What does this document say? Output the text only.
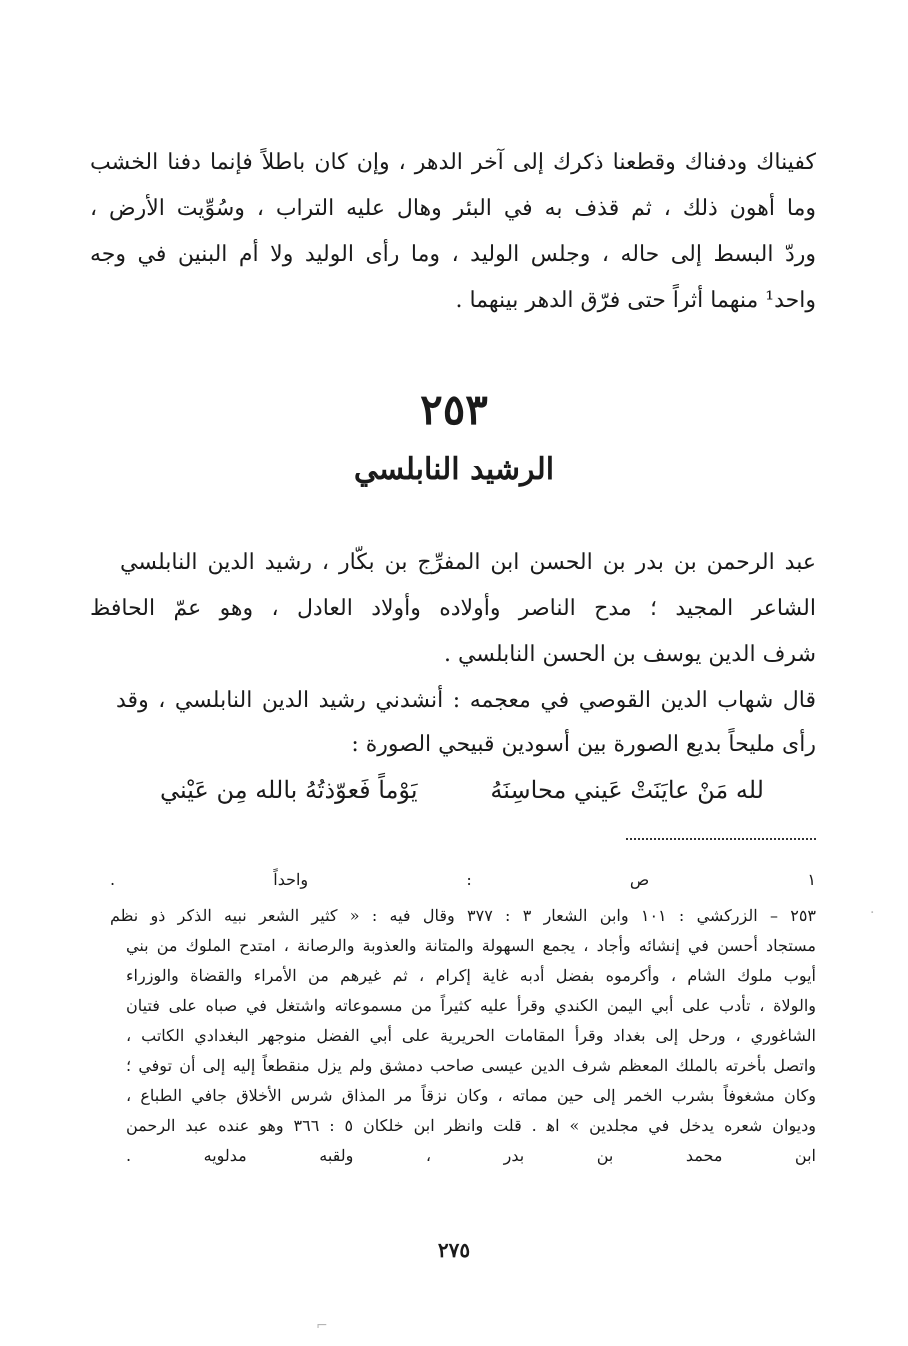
كفيناك ودفناك وقطعنا ذكرك إلى آخر الدهر ، وإن كان باطلاً فإنما دفنا الخشب
وما أهون ذلك ، ثم قذف به في البئر وهال عليه التراب ، وسُوِّيت الأرض ،
وردّ البسط إلى حاله ، وجلس الوليد ، وما رأى الوليد ولا أم البنين في وجه
واحد¹ منهما أثراً حتى فرّق الدهر بينهما .
٢٥٣
الرشيد النابلسي
عبد الرحمن بن بدر بن الحسن ابن المفرِّج بن بكّار ، رشيد الدين النابلسي
الشاعر المجيد ؛ مدح الناصر وأولاده وأولاد العادل ، وهو عمّ الحافظ
شرف الدين يوسف بن الحسن النابلسي .
قال شهاب الدين القوصي في معجمه : أنشدني رشيد الدين النابلسي ، وقد
رأى مليحاً بديع الصورة بين أسودين قبيحي الصورة :
لله مَنْ عايَنَتْ عَيني محاسِنَهُ
يَوْماً فَعوّذتُهُ بالله مِن عَيْني
١ ص : واحداً .
٢٥٣ – الزركشي : ١٠١ وابن الشعار ٣ : ٣٧٧ وقال فيه : « كثير الشعر نبيه الذكر ذو نظم
مستجاد أحسن في إنشائه وأجاد ، يجمع السهولة والمتانة والعذوبة والرصانة ، امتدح الملوك من بني
أيوب ملوك الشام ، وأكرموه بفضل أدبه غاية إكرام ، ثم غيرهم من الأمراء والقضاة والوزراء
والولاة ، تأدب على أبي اليمن الكندي وقرأ عليه كثيراً من مسموعاته واشتغل في صباه على فتيان
الشاغوري ، ورحل إلى بغداد وقرأ المقامات الحريرية على أبي الفضل منوجهر البغدادي الكاتب ،
واتصل بأخرته بالملك المعظم شرف الدين عيسى صاحب دمشق ولم يزل منقطعاً إليه إلى أن توفي ؛
وكان مشغوفاً بشرب الخمر إلى حين مماته ، وكان نزقاً مر المذاق شرس الأخلاق جافي الطباع ،
وديوان شعره يدخل في مجلدين » اﻫ . قلت وانظر ابن خلكان ٥ : ٣٦٦ وهو عنده عبد الرحمن
ابن محمد بن بدر ، ولقبه مدلويه .
٢٧٥
·
⌐
